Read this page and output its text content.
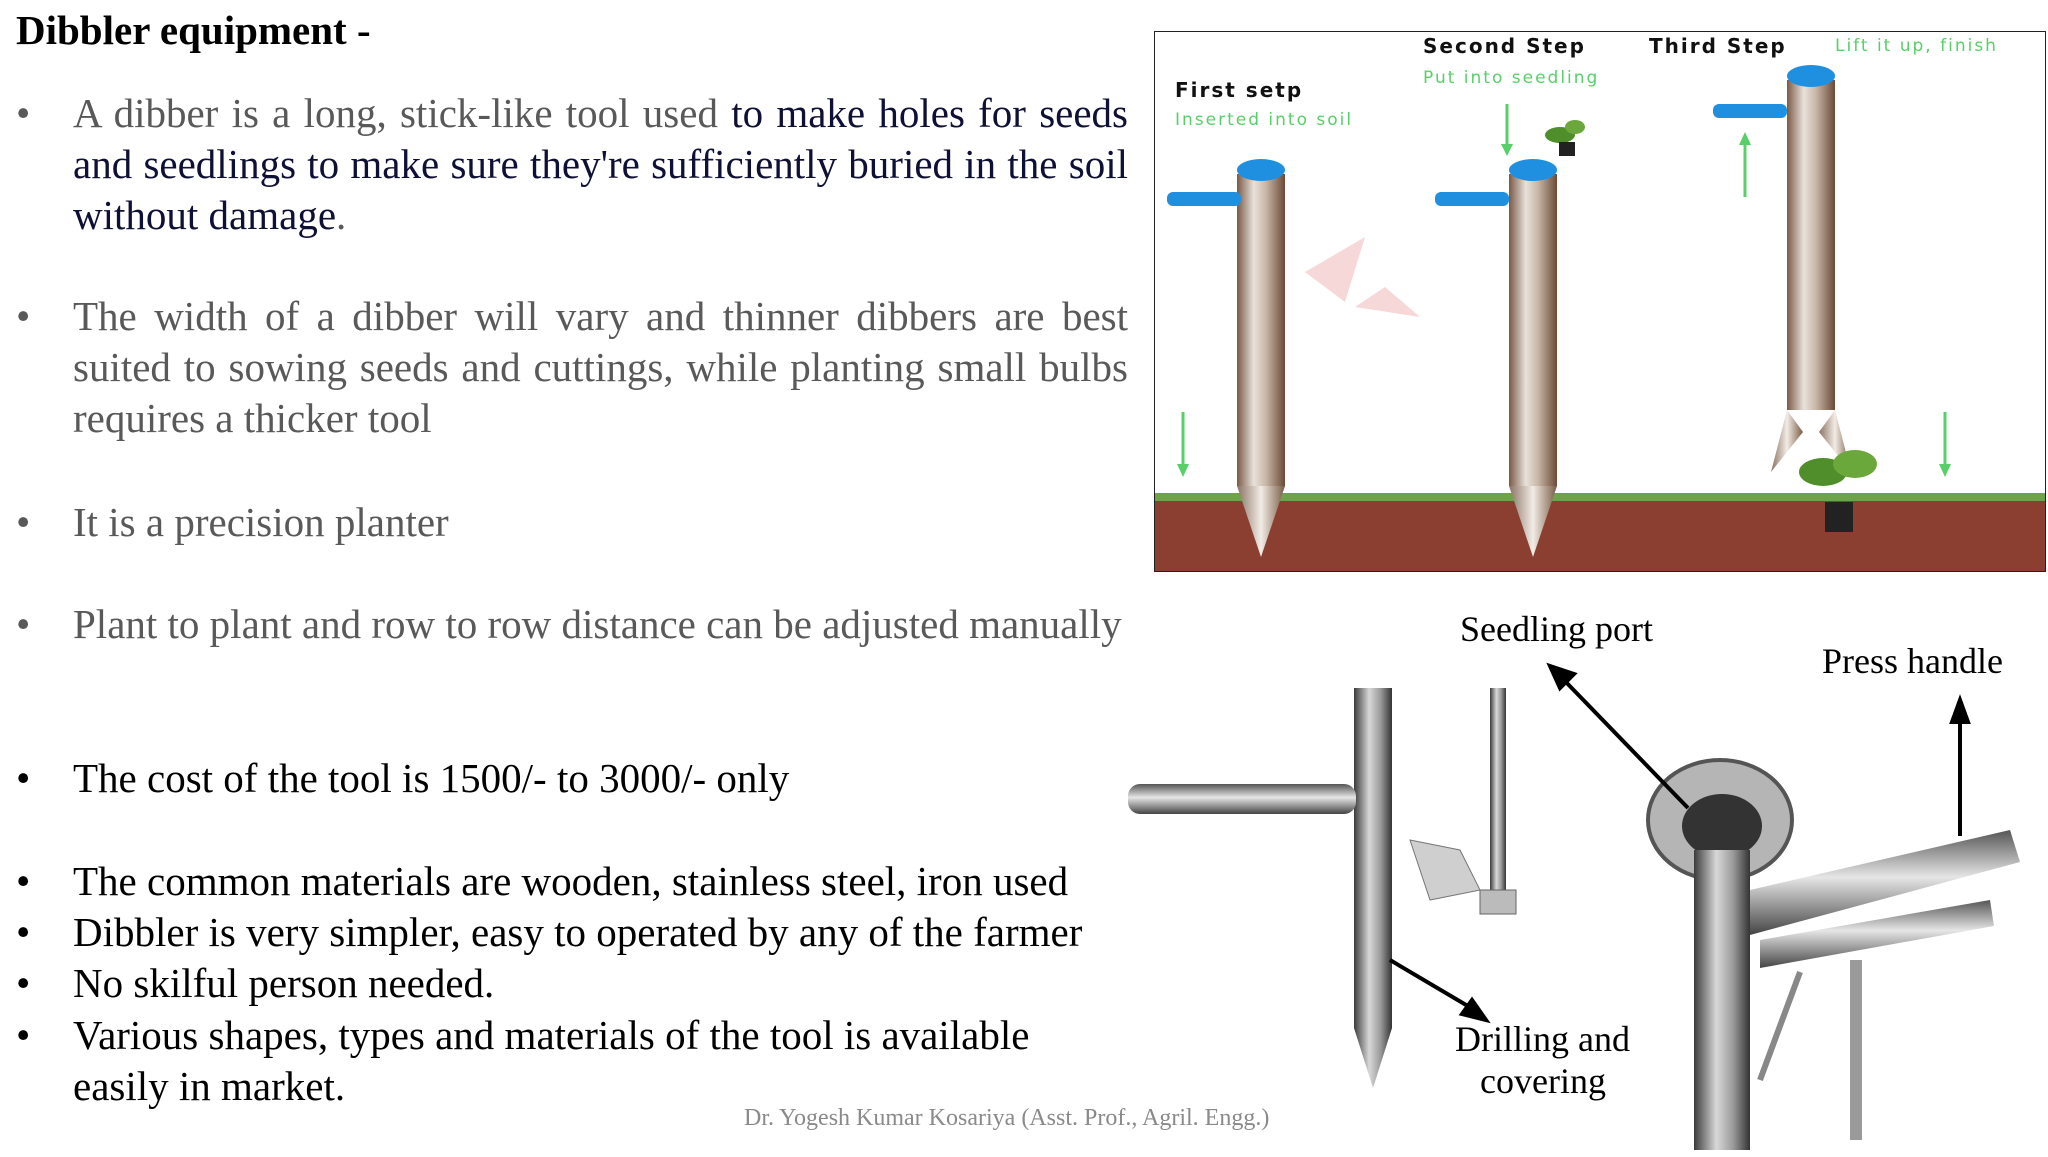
Dibbler equipment -
•	A dibber is a long, stick-like tool used to make holes for seeds and seedlings to make sure they're sufficiently buried in the soil without damage.
•	The width of a dibber will vary and thinner dibbers are best suited to sowing seeds and cuttings, while planting small bulbs requires a thicker tool
•	It is a precision planter
•	Plant to plant and row to row distance can be adjusted manually
•	The cost of the tool is 1500/- to 3000/- only
•	The common materials are wooden, stainless steel, iron used
•	Dibbler is very simpler, easy to operated by any of the farmer
•	No skilful person needed.
•	Various shapes, types and materials of the tool is available
easily in market.
First setp
Inserted into soil
Second Step
Put into seedling
Third Step	Lift it up, finish
Seedling port
Press handle
Drilling and
covering
Dr. Yogesh Kumar Kosariya (Asst. Prof., Agril. Engg.)
